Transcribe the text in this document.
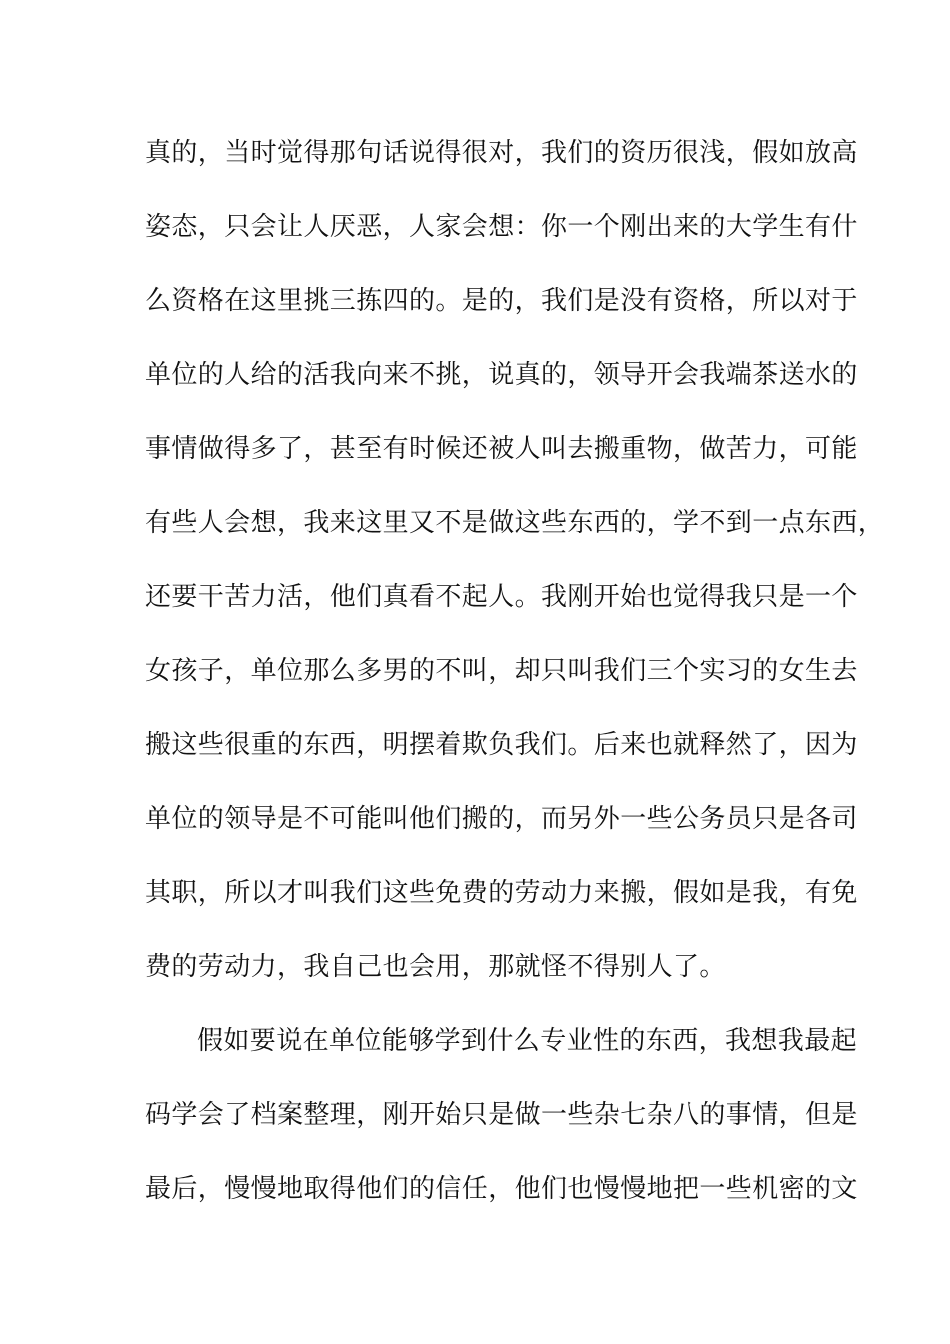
真的，当时觉得那句话说得很对，我们的资历很浅，假如放高
姿态，只会让人厌恶，人家会想：你一个刚出来的大学生有什
么资格在这里挑三拣四的。是的，我们是没有资格，所以对于
单位的人给的活我向来不挑，说真的，领导开会我端茶送水的
事情做得多了，甚至有时候还被人叫去搬重物，做苦力，可能
有些人会想，我来这里又不是做这些东西的，学不到一点东西，
还要干苦力活，他们真看不起人。我刚开始也觉得我只是一个
女孩子，单位那么多男的不叫，却只叫我们三个实习的女生去
搬这些很重的东西，明摆着欺负我们。后来也就释然了，因为
单位的领导是不可能叫他们搬的，而另外一些公务员只是各司
其职，所以才叫我们这些免费的劳动力来搬，假如是我，有免
费的劳动力，我自己也会用，那就怪不得别人了。
假如要说在单位能够学到什么专业性的东西，我想我最起
码学会了档案整理，刚开始只是做一些杂七杂八的事情，但是
最后，慢慢地取得他们的信任，他们也慢慢地把一些机密的文
